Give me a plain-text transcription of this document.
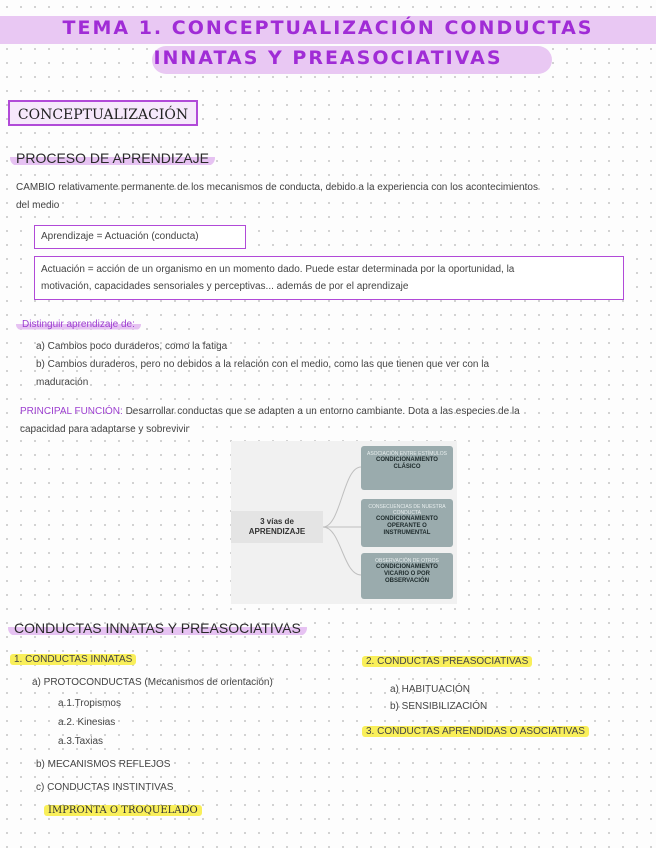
TEMA 1. CONCEPTUALIZACIÓN CONDUCTAS
INNATAS Y PREASOCIATIVAS
CONCEPTUALIZACIÓN
PROCESO DE APRENDIZAJE
CAMBIO relativamente permanente de los mecanismos de conducta, debido a la experiencia con los acontecimientos
del medio
Aprendizaje = Actuación (conducta)
Actuación = acción de un organismo en un momento dado. Puede estar determinada por la oportunidad, la
motivación, capacidades sensoriales y perceptivas... además de por el aprendizaje
Distinguir aprendizaje de:
a) Cambios poco duraderos, como la fatiga
b) Cambios duraderos, pero no debidos a la relación con el medio, como las que tienen que ver con la
maduración
PRINCIPAL FUNCIÓN: Desarrollar conductas que se adapten a un entorno cambiante. Dota a las especies de la
capacidad para adaptarse y sobrevivir
3 vías de
APRENDIZAJE
ASOCIACIÓN ENTRE ESTÍMULOS
CONDICIONAMIENTO
CLÁSICO
CONSECUENCIAS DE NUESTRA CONDUCTA
CONDICIONAMIENTO
OPERANTE O
INSTRUMENTAL
OBSERVACIÓN DE OTROS
CONDICIONAMIENTO
VICARIO O POR
OBSERVACIÓN
CONDUCTAS INNATAS Y PREASOCIATIVAS
1. CONDUCTAS INNATAS
a) PROTOCONDUCTAS (Mecanismos de orientación)
a.1.Tropismos
a.2. Kinesias
a.3.Taxias
b) MECANISMOS REFLEJOS
c) CONDUCTAS INSTINTIVAS
IMPRONTA O TROQUELADO
2. CONDUCTAS PREASOCIATIVAS
a) HABITUACIÓN
b) SENSIBILIZACIÓN
3. CONDUCTAS APRENDIDAS O ASOCIATIVAS
